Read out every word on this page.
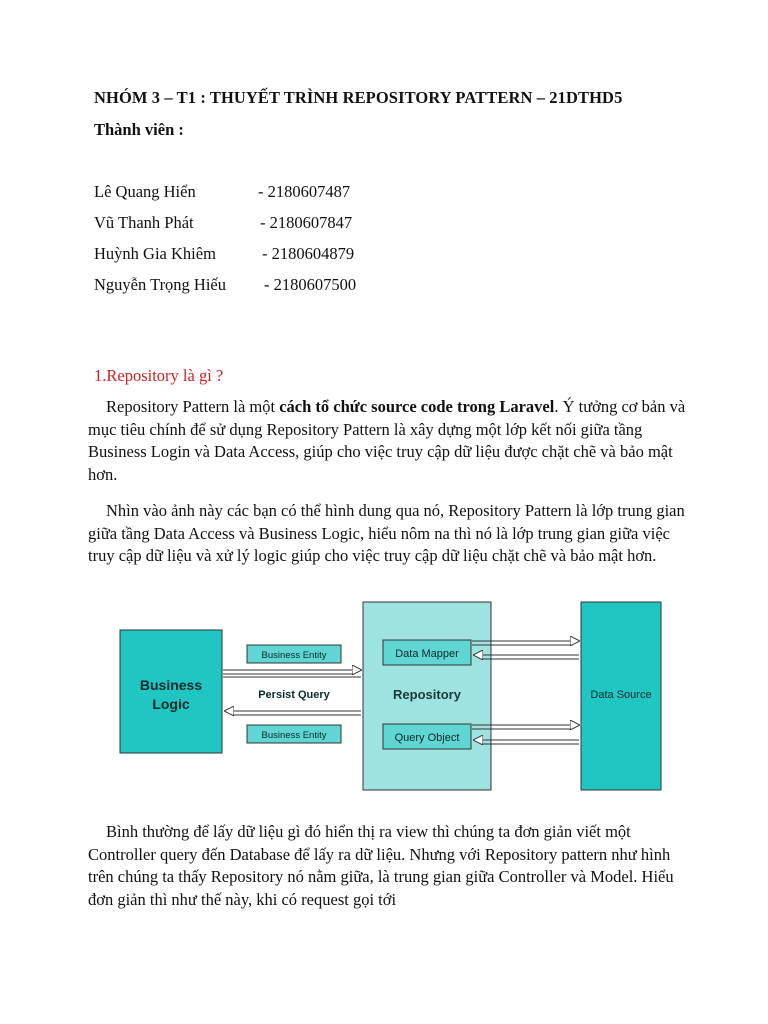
NHÓM 3 – T1 : THUYẾT TRÌNH REPOSITORY PATTERN – 21DTHD5
Thành viên :
Lê Quang Hiển	- 2180607487
Vũ Thanh Phát	- 2180607847
Huỳnh Gia Khiêm	- 2180604879
Nguyễn Trọng Hiếu - 2180607500
1.Repository là gì ?

Repository Pattern là một cách tổ chức source code trong Laravel. Ý tưởng cơ bản và mục tiêu chính để sử dụng Repository Pattern là xây dựng một lớp kết nối giữa tầng Business Login và Data Access, giúp cho việc truy cập dữ liệu được chặt chẽ và bảo mật hơn.

Nhìn vào ảnh này các bạn có thể hình dung qua nó, Repository Pattern là lớp trung gian giữa tầng Data Access và Business Logic, hiểu nôm na thì nó là lớp trung gian giữa việc truy cập dữ liệu và xử lý logic giúp cho việc truy cập dữ liệu chặt chẽ và bảo mật hơn.

Business
Logic
Repository
Data Mapper
Query Object
Data Source
Business Entity
Business Entity
Persist Query

Bình thường để lấy dữ liệu gì đó hiển thị ra view thì chúng ta đơn giản viết một Controller query đến Database để lấy ra dữ liệu. Nhưng với Repository pattern như hình trên chúng ta thấy Repository nó nằm giữa, là trung gian giữa Controller và Model. Hiểu đơn giản thì như thế này, khi có request gọi tới
